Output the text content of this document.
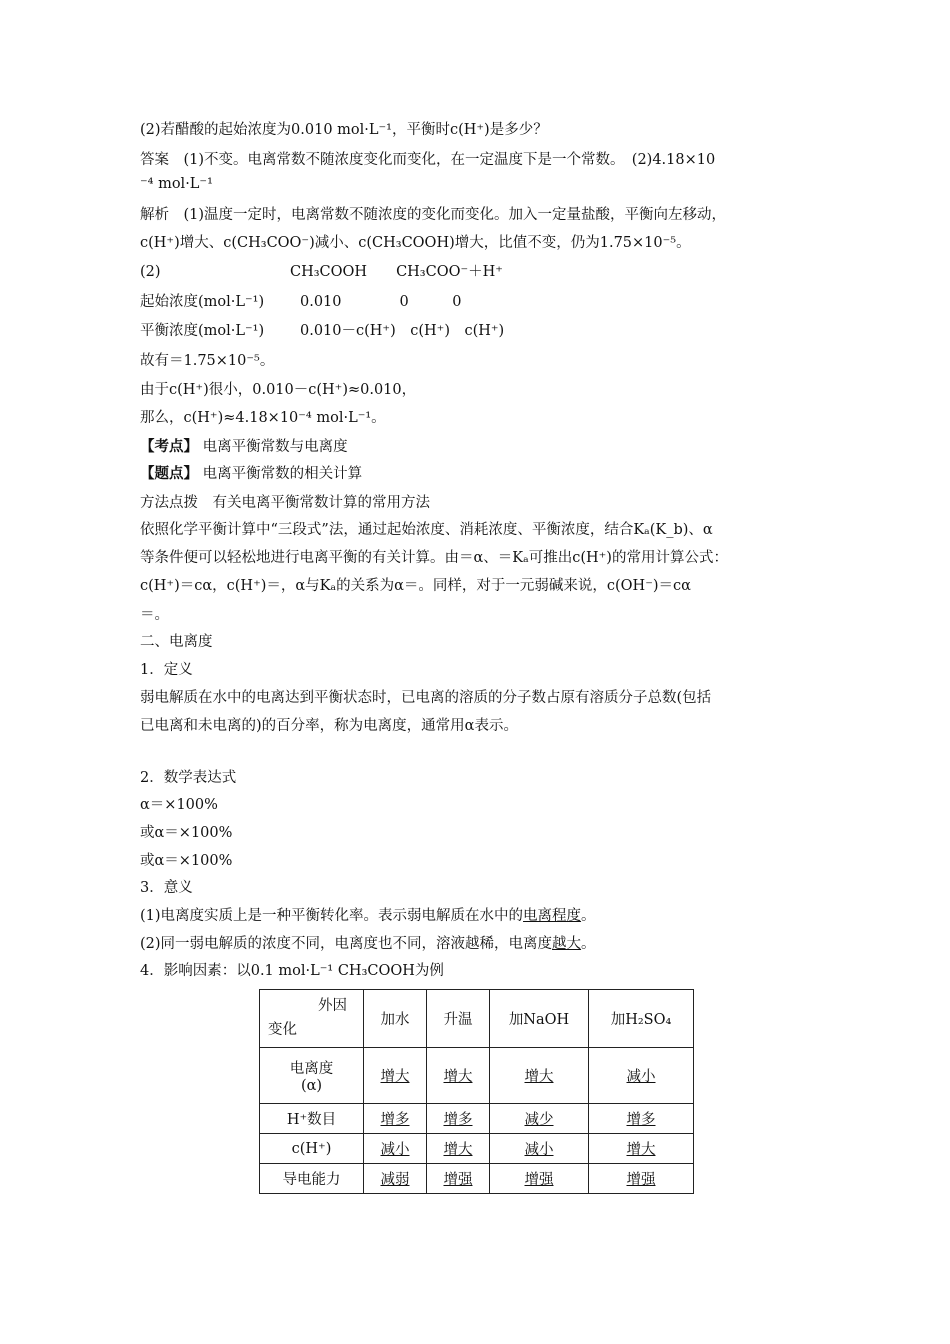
(2)若醋酸的起始浓度为0.010 mol·L⁻¹，平衡时c(H⁺)是多少？
答案　(1)不变。电离常数不随浓度变化而变化，在一定温度下是一个常数。　(2)4.18×10
⁻⁴ mol·L⁻¹
解析　(1)温度一定时，电离常数不随浓度的变化而变化。加入一定量盐酸，平衡向左移动，
c(H⁺)增大、c(CH₃COO⁻)减小、c(CH₃COOH)增大，比值不变，仍为1.75×10⁻⁵。
(2)	CH₃COOH　　CH₃COO⁻＋H⁺
起始浓度(mol·L⁻¹) 0.010　　　　0　　　0
平衡浓度(mol·L⁻¹) 0.010－c(H⁺)　c(H⁺)　c(H⁺)
故有＝1.75×10⁻⁵。
由于c(H⁺)很小，0.010－c(H⁺)≈0.010，
那么，c(H⁺)≈4.18×10⁻⁴ mol·L⁻¹。
【考点】 电离平衡常数与电离度
【题点】 电离平衡常数的相关计算
方法点拨　有关电离平衡常数计算的常用方法
依照化学平衡计算中“三段式”法，通过起始浓度、消耗浓度、平衡浓度，结合Kₐ(K_b)、α
等条件便可以轻松地进行电离平衡的有关计算。由＝α、＝Kₐ可推出c(H⁺)的常用计算公式：
c(H⁺)＝cα，c(H⁺)＝，α与Kₐ的关系为α＝。同样，对于一元弱碱来说，c(OH⁻)＝cα
＝。
二、电离度
1．定义
弱电解质在水中的电离达到平衡状态时，已电离的溶质的分子数占原有溶质分子总数(包括
已电离和未电离的)的百分率，称为电离度，通常用α表示。
2．数学表达式
α＝×100%
或α＝×100%
或α＝×100%
3．意义
(1)电离度实质上是一种平衡转化率。表示弱电解质在水中的电离程度。
(2)同一弱电解质的浓度不同，电离度也不同，溶液越稀，电离度越大。
4．影响因素：以0.1 mol·L⁻¹ CH₃COOH为例
外因
变化	加水	升温	加NaOH	加H₂SO₄

电离度
(α)	增大	增大	增大	减小
H⁺数目	增多	增多	减少	增多
c(H⁺)	减小	增大	减小	增大
导电能力	减弱	增强	增强	增强
